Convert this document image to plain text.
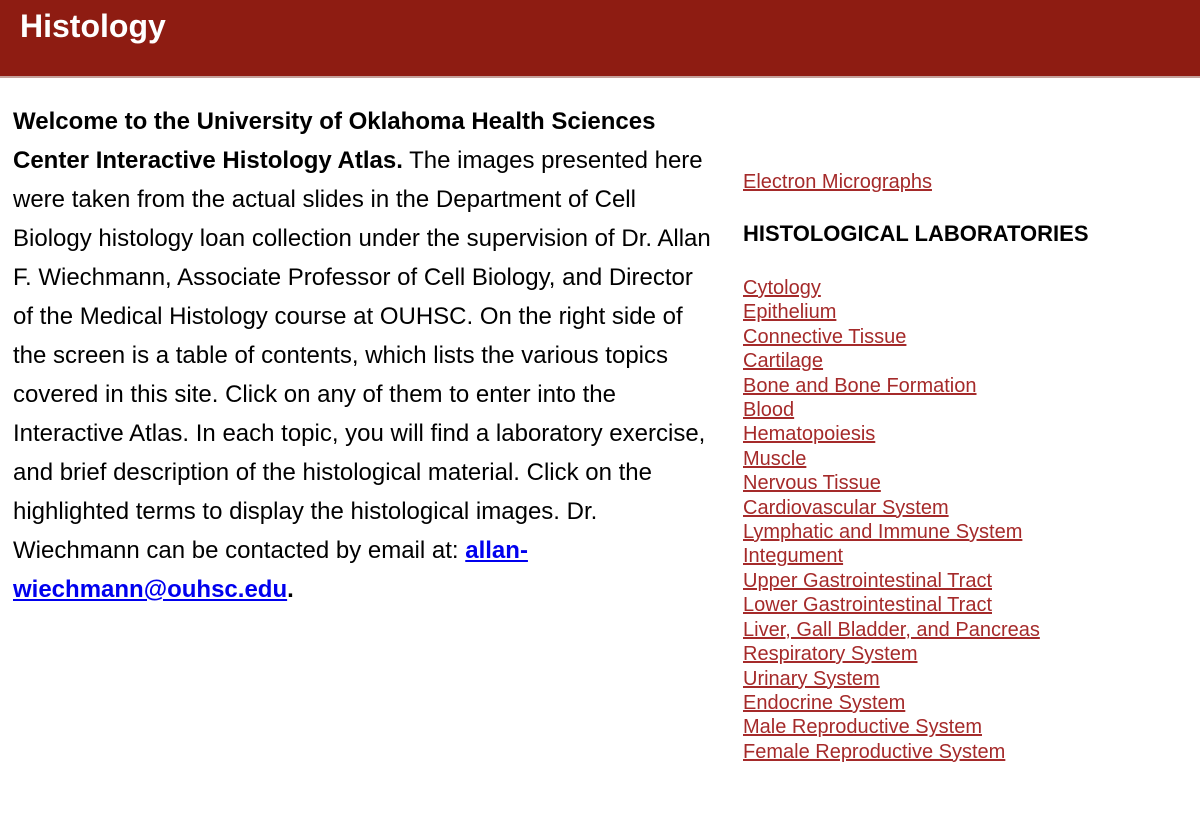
Histology

Welcome to the University of Oklahoma Health Sciences Center Interactive Histology Atlas. The images presented here were taken from the actual slides in the Department of Cell Biology histology loan collection under the supervision of Dr. Allan F. Wiechmann, Associate Professor of Cell Biology, and Director of the Medical Histology course at OUHSC. On the right side of the screen is a table of contents, which lists the various topics covered in this site. Click on any of them to enter into the Interactive Atlas. In each topic, you will find a laboratory exercise, and brief description of the histological material. Click on the highlighted terms to display the histological images. Dr. Wiechmann can be contacted by email at: allan-wiechmann@ouhsc.edu.

Electron Micrographs
HISTOLOGICAL LABORATORIES
Cytology
Epithelium
Connective Tissue
Cartilage
Bone and Bone Formation
Blood
Hematopoiesis
Muscle
Nervous Tissue
Cardiovascular System
Lymphatic and Immune System
Integument
Upper Gastrointestinal Tract
Lower Gastrointestinal Tract
Liver, Gall Bladder, and Pancreas
Respiratory System
Urinary System
Endocrine System
Male Reproductive System
Female Reproductive System
